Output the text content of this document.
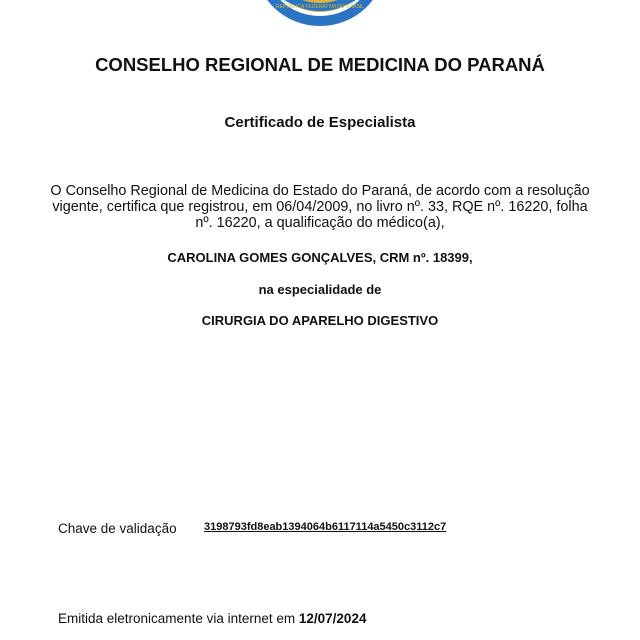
REPÚBLICA FEDERATIVA DO BRASIL
CONSELHO REGIONAL DE MEDICINA DO PARANÁ
Certificado de Especialista
O Conselho Regional de Medicina do Estado do Paraná, de acordo com a resolução vigente, certifica que registrou, em 06/04/2009, no livro nº. 33, RQE nº. 16220, folha nº. 16220, a qualificação do médico(a),
CAROLINA GOMES GONÇALVES, CRM nº. 18399,
na especialidade de
CIRURGIA DO APARELHO DIGESTIVO
Chave de validação 3198793fd8eab1394064b6117114a5450c3112c7
Emitida eletronicamente via internet em 12/07/2024
